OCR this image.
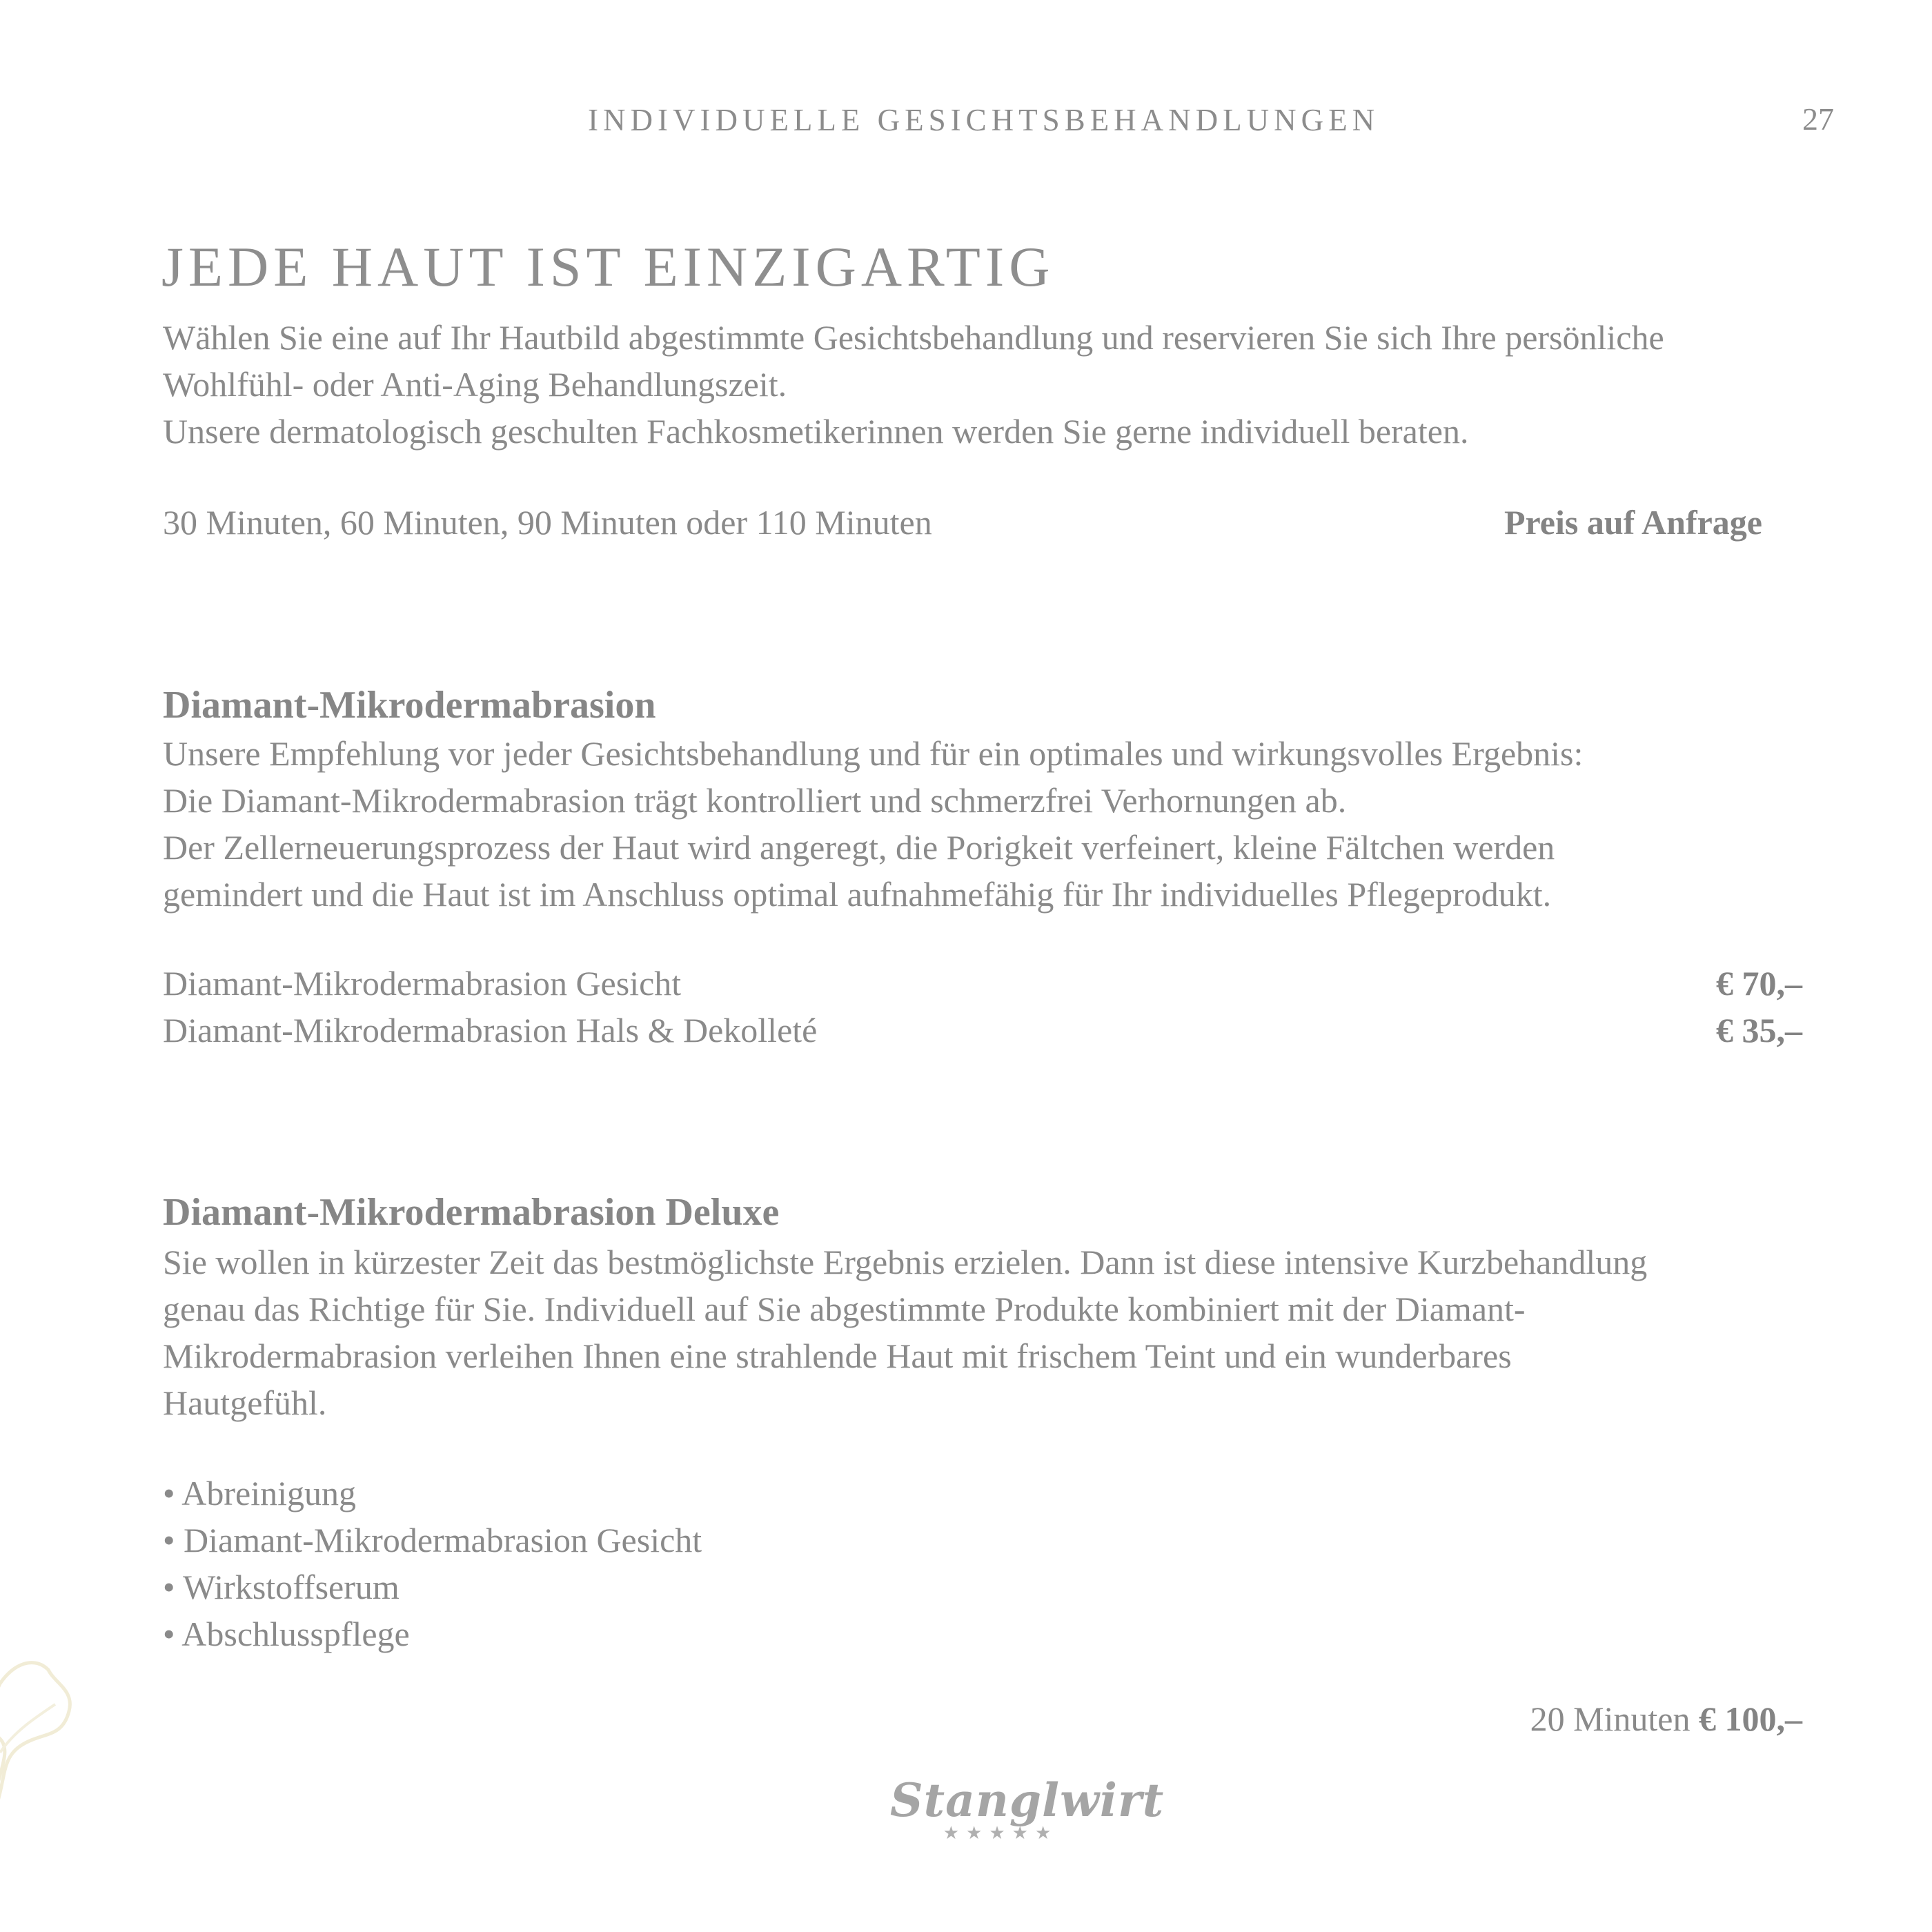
INDIVIDUELLE GESICHTSBEHANDLUNGEN	27
JEDE HAUT IST EINZIGARTIG
Wählen Sie eine auf Ihr Hautbild abgestimmte Gesichtsbehandlung und reservieren Sie sich Ihre persönliche
Wohlfühl- oder Anti-Aging Behandlungszeit.
Unsere dermatologisch geschulten Fachkosmetikerinnen werden Sie gerne individuell beraten.
30 Minuten, 60 Minuten, 90 Minuten oder 110 Minuten	Preis auf Anfrage
Diamant-Mikrodermabrasion
Unsere Empfehlung vor jeder Gesichtsbehandlung und für ein optimales und wirkungsvolles Ergebnis:
Die Diamant-Mikrodermabrasion trägt kontrolliert und schmerzfrei Verhornungen ab.
Der Zellerneuerungsprozess der Haut wird angeregt, die Porigkeit verfeinert, kleine Fältchen werden
gemindert und die Haut ist im Anschluss optimal aufnahmefähig für Ihr individuelles Pflegeprodukt.
Diamant-Mikrodermabrasion Gesicht	€ 70,–
Diamant-Mikrodermabrasion Hals & Dekolleté	€ 35,–
Diamant-Mikrodermabrasion Deluxe
Sie wollen in kürzester Zeit das bestmöglichste Ergebnis erzielen. Dann ist diese intensive Kurzbehandlung
genau das Richtige für Sie. Individuell auf Sie abgestimmte Produkte kombiniert mit der Diamant-
Mikrodermabrasion verleihen Ihnen eine strahlende Haut mit frischem Teint und ein wunderbares
Hautgefühl.
• Abreinigung
• Diamant-Mikrodermabrasion Gesicht
• Wirkstoffserum
• Abschlusspflege
20 Minuten € 100,–
Stanglwirt
★★★★★
